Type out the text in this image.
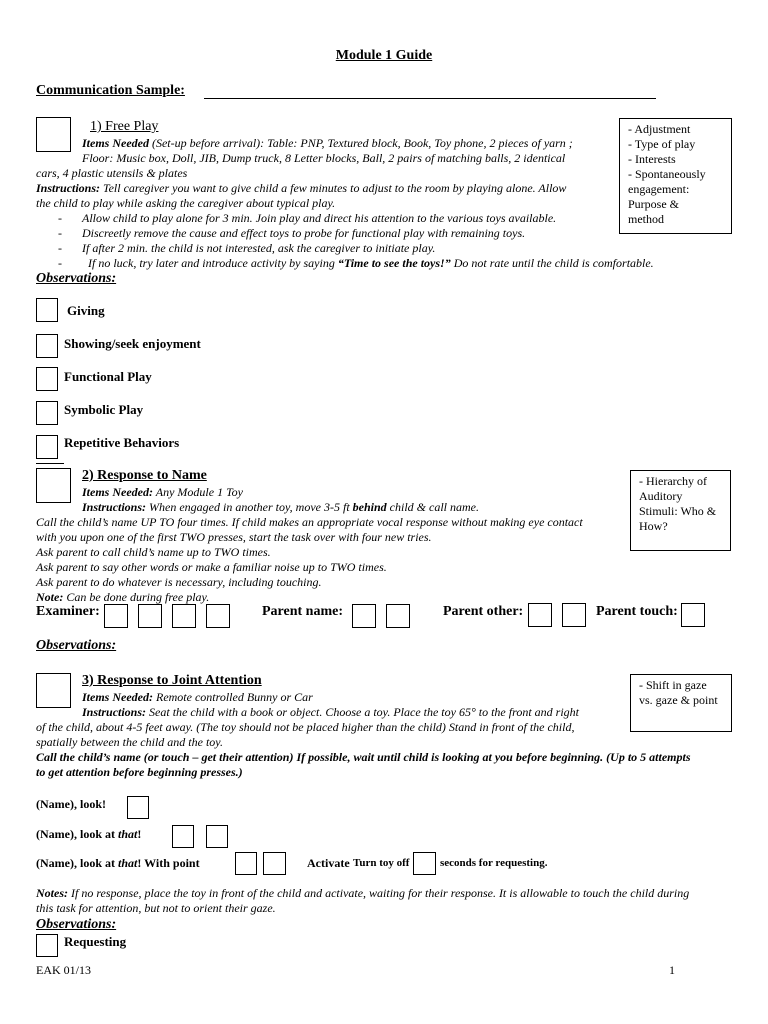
Module 1 Guide
Communication Sample:
1) Free Play
Items Needed (Set-up before arrival): Table: PNP, Textured block, Book, Toy phone, 2 pieces of yarn ;
Floor: Music box, Doll, JIB, Dump truck, 8 Letter blocks, Ball, 2 pairs of matching balls, 2 identical
cars, 4 plastic utensils & plates
Instructions: Tell caregiver you want to give child a few minutes to adjust to the room by playing alone. Allow
the child to play while asking the caregiver about typical play.
- Allow child to play alone for 3 min. Join play and direct his attention to the various toys available.
- Discreetly remove the cause and effect toys to probe for functional play with remaining toys.
- If after 2 min. the child is not interested, ask the caregiver to initiate play.
- If no luck, try later and introduce activity by saying “Time to see the toys!” Do not rate until the child is comfortable.
- Adjustment
- Type of play
- Interests
- Spontaneously
engagement:
Purpose &
method
Observations:
Giving
Showing/seek enjoyment
Functional Play
Symbolic Play
Repetitive Behaviors
2) Response to Name
Items Needed: Any Module 1 Toy
Instructions: When engaged in another toy, move 3-5 ft behind child & call name.
Call the child’s name UP TO four times. If child makes an appropriate vocal response without making eye contact
with you upon one of the first TWO presses, start the task over with four new tries.
Ask parent to call child’s name up to TWO times.
Ask parent to say other words or make a familiar noise up to TWO times.
Ask parent to do whatever is necessary, including touching.
Note: Can be done during free play.
- Hierarchy of
Auditory
Stimuli: Who &
How?
Examiner:	Parent name:	Parent other:	Parent touch:
Observations:
3) Response to Joint Attention
Items Needed: Remote controlled Bunny or Car
Instructions: Seat the child with a book or object. Choose a toy. Place the toy 65° to the front and right
of the child, about 4-5 feet away. (The toy should not be placed higher than the child) Stand in front of the child,
spatially between the child and the toy.
Call the child’s name (or touch – get their attention) If possible, wait until child is looking at you before beginning. (Up to 5 attempts
to get attention before beginning presses.)
- Shift in gaze
vs. gaze & point
(Name), look!
(Name), look at that!
(Name), look at that! With point	Activate Turn toy off	seconds for requesting.
Notes: If no response, place the toy in front of the child and activate, waiting for their response. It is allowable to touch the child during
this task for attention, but not to orient their gaze.
Observations:
Requesting
EAK 01/13	1
